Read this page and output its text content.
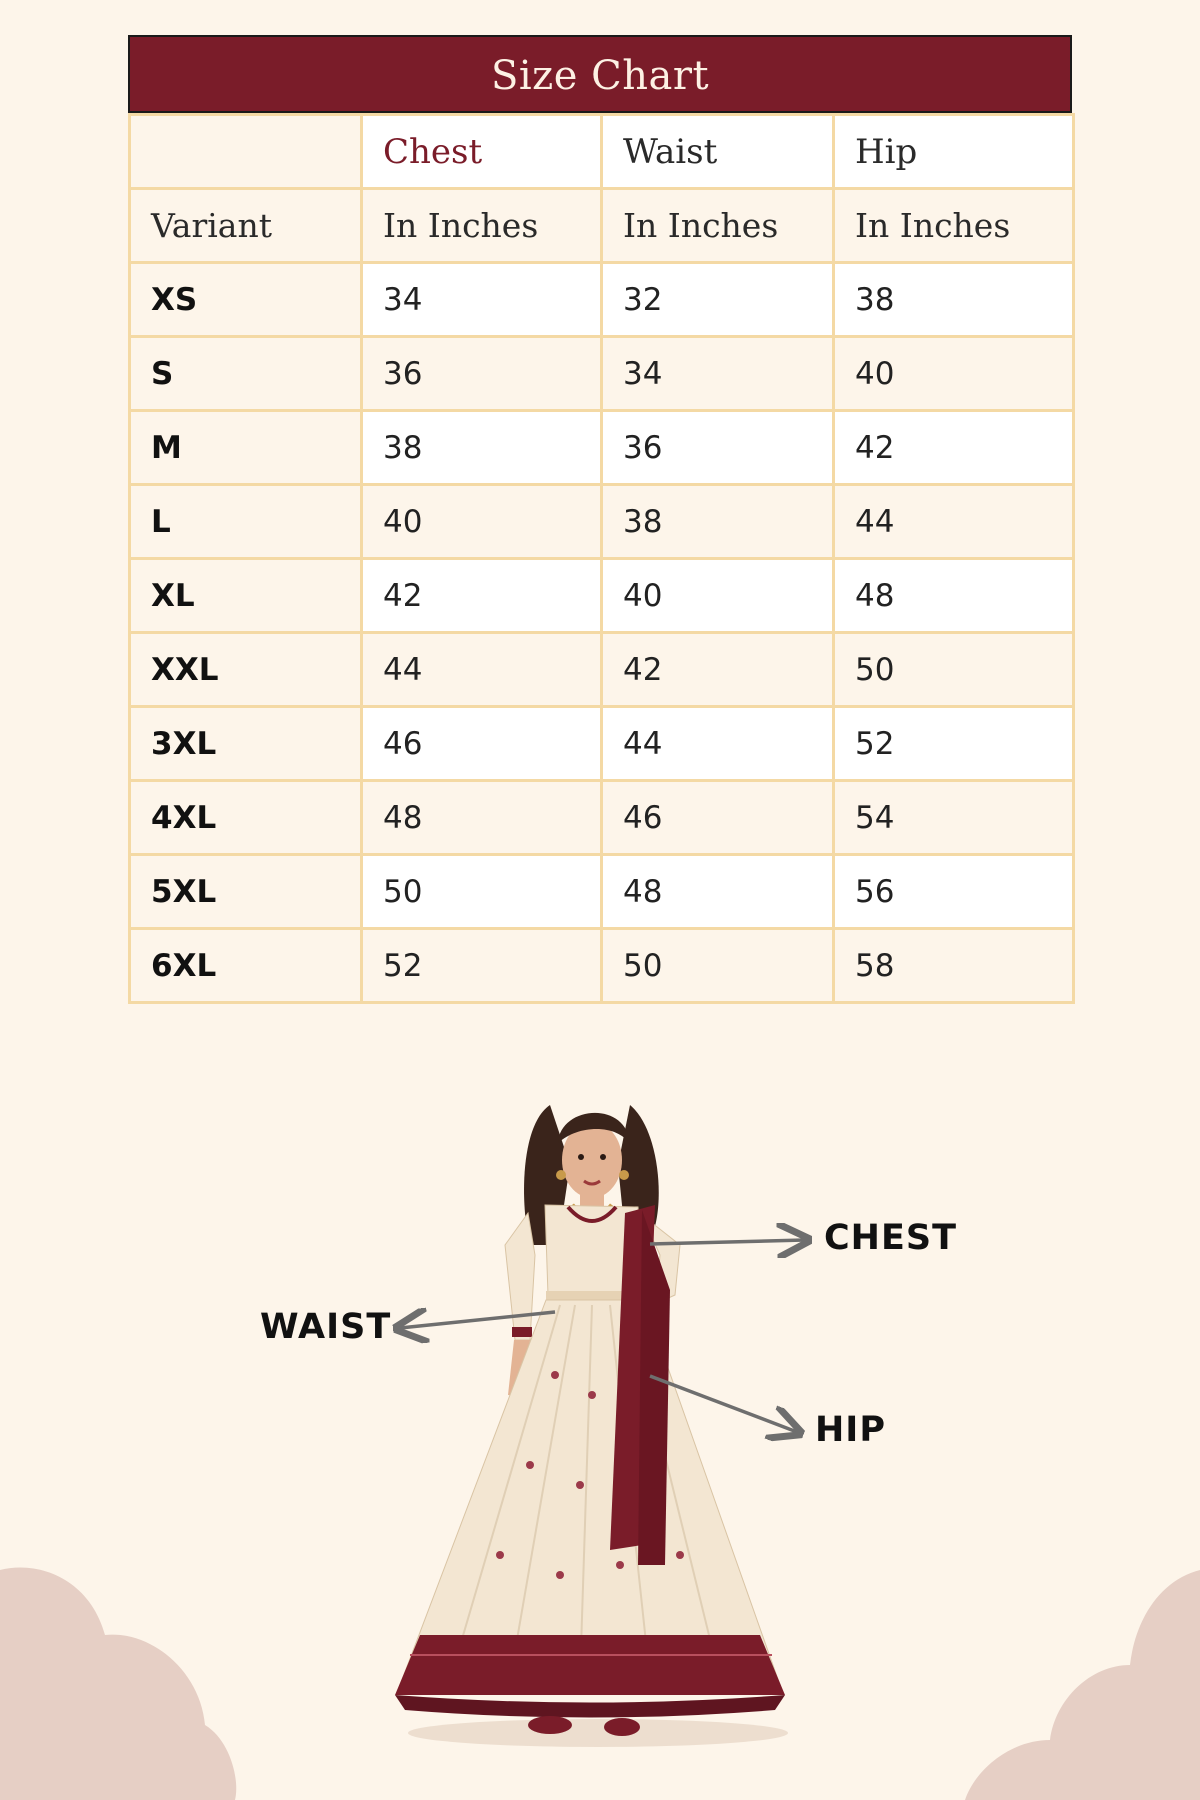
Size Chart
	Chest	Waist	Hip
Variant	In Inches	In Inches	In Inches
XS	34	32	38
S	36	34	40
M	38	36	42
L	40	38	44
XL	42	40	48
XXL	44	42	50
3XL	46	44	52
4XL	48	46	54
5XL	50	48	56
6XL	52	50	58
CHEST
WAIST
HIP
